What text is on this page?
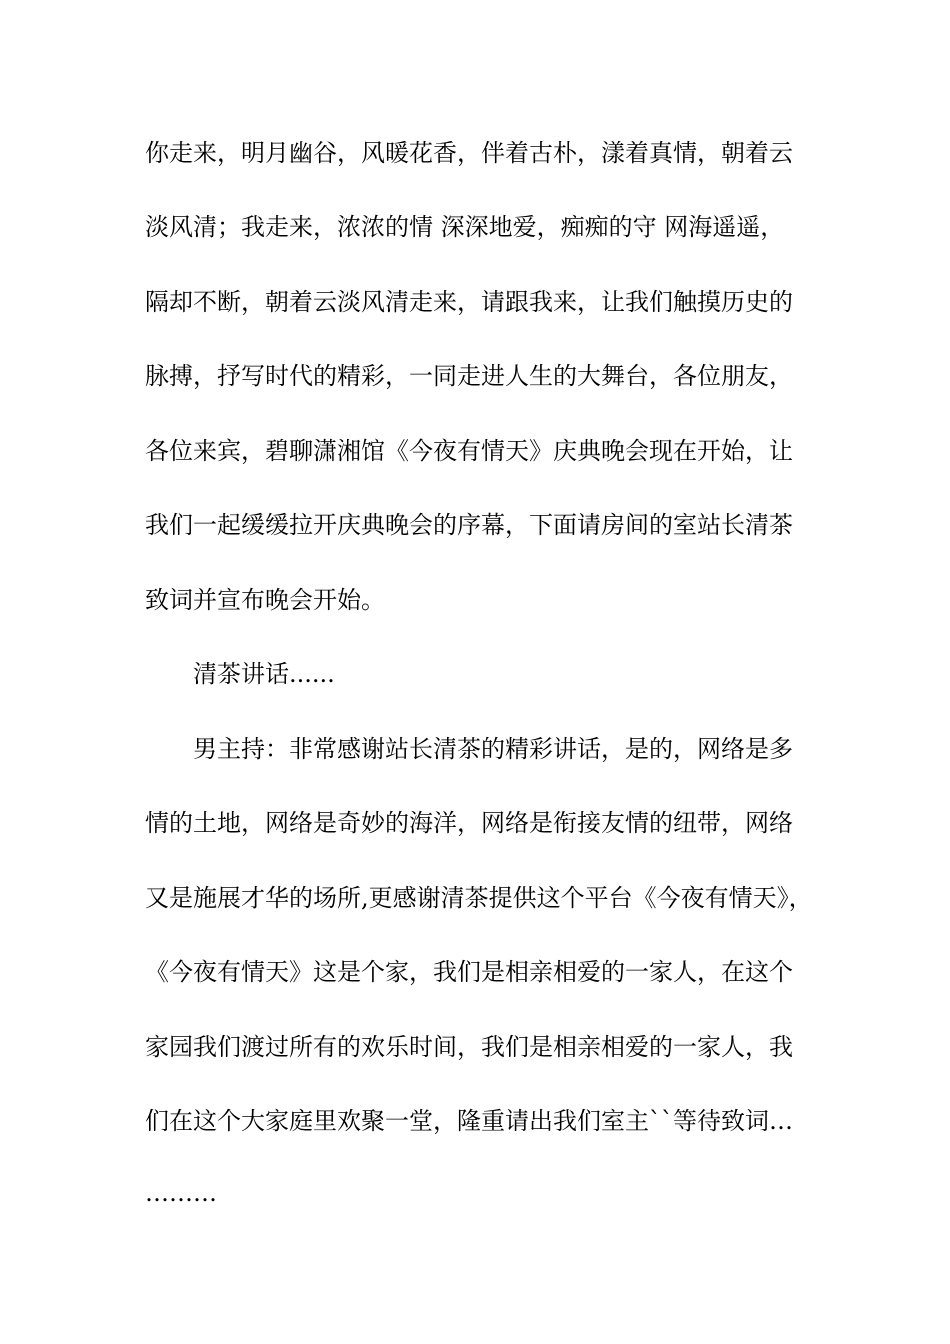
你走来，明月幽谷，风暖花香，伴着古朴，漾着真情，朝着云
淡风清；我走来，浓浓的情 深深地爱，痴痴的守 网海遥遥，
隔却不断，朝着云淡风清走来，请跟我来，让我们触摸历史的
脉搏，抒写时代的精彩，一同走进人生的大舞台，各位朋友，
各位来宾，碧聊潇湘馆《今夜有情天》庆典晚会现在开始，让
我们一起缓缓拉开庆典晚会的序幕，下面请房间的室站长清茶
致词并宣布晚会开始。
清茶讲话......
男主持：非常感谢站长清茶的精彩讲话，是的，网络是多
情的土地，网络是奇妙的海洋，网络是衔接友情的纽带，网络
又是施展才华的场所,更感谢清茶提供这个平台《今夜有情天》，
《今夜有情天》这是个家，我们是相亲相爱的一家人，在这个
家园我们渡过所有的欢乐时间，我们是相亲相爱的一家人，我
们在这个大家庭里欢聚一堂，隆重请出我们室主``等待致词…
………
